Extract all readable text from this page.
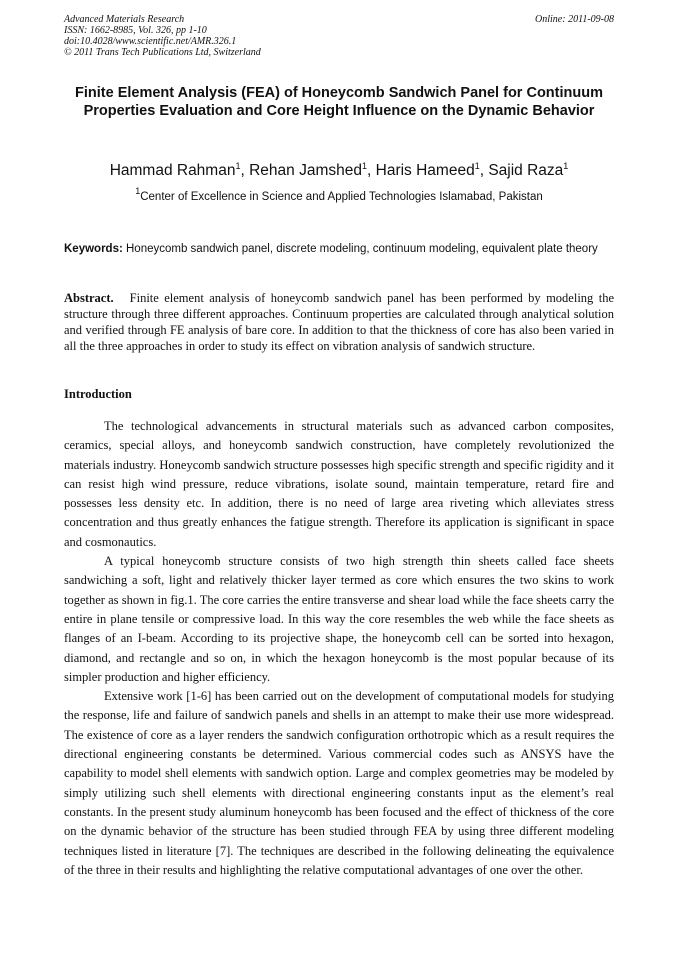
Advanced Materials Research
ISSN: 1662-8985, Vol. 326, pp 1-10
doi:10.4028/www.scientific.net/AMR.326.1
© 2011 Trans Tech Publications Ltd, Switzerland
Online: 2011-09-08
Finite Element Analysis (FEA) of Honeycomb Sandwich Panel for Continuum Properties Evaluation and Core Height Influence on the Dynamic Behavior
Hammad Rahman$^1$, Rehan Jamshed$^1$, Haris Hameed$^1$, Sajid Raza$^1$
$^1$Center of Excellence in Science and Applied Technologies Islamabad, Pakistan
Keywords: Honeycomb sandwich panel, discrete modeling, continuum modeling, equivalent plate theory
Abstract. Finite element analysis of honeycomb sandwich panel has been performed by modeling the structure through three different approaches. Continuum properties are calculated through analytical solution and verified through FE analysis of bare core. In addition to that the thickness of core has also been varied in all the three approaches in order to study its effect on vibration analysis of sandwich structure.
Introduction

The technological advancements in structural materials such as advanced carbon composites, ceramics, special alloys, and honeycomb sandwich construction, have completely revolutionized the materials industry. Honeycomb sandwich structure possesses high specific strength and specific rigidity and it can resist high wind pressure, reduce vibrations, isolate sound, maintain temperature, retard fire and possesses less density etc. In addition, there is no need of large area riveting which alleviates stress concentration and thus greatly enhances the fatigue strength. Therefore its application is significant in space and cosmonautics.

A typical honeycomb structure consists of two high strength thin sheets called face sheets sandwiching a soft, light and relatively thicker layer termed as core which ensures the two skins to work together as shown in fig.1. The core carries the entire transverse and shear load while the face sheets carry the entire in plane tensile or compressive load. In this way the core resembles the web while the face sheets as flanges of an I-beam. According to its projective shape, the honeycomb cell can be sorted into hexagon, diamond, and rectangle and so on, in which the hexagon honeycomb is the most popular because of its simpler production and higher efficiency.

Extensive work [1-6] has been carried out on the development of computational models for studying the response, life and failure of sandwich panels and shells in an attempt to make their use more widespread. The existence of core as a layer renders the sandwich configuration orthotropic which as a result requires the directional engineering constants be determined. Various commercial codes such as ANSYS have the capability to model shell elements with sandwich option. Large and complex geometries may be modeled by simply utilizing such shell elements with directional engineering constants input as the element’s real constants. In the present study aluminum honeycomb has been focused and the effect of thickness of the core on the dynamic behavior of the structure has been studied through FEA by using three different modeling techniques listed in literature [7]. The techniques are described in the following delineating the equivalence of the three in their results and highlighting the relative computational advantages of one over the other.
